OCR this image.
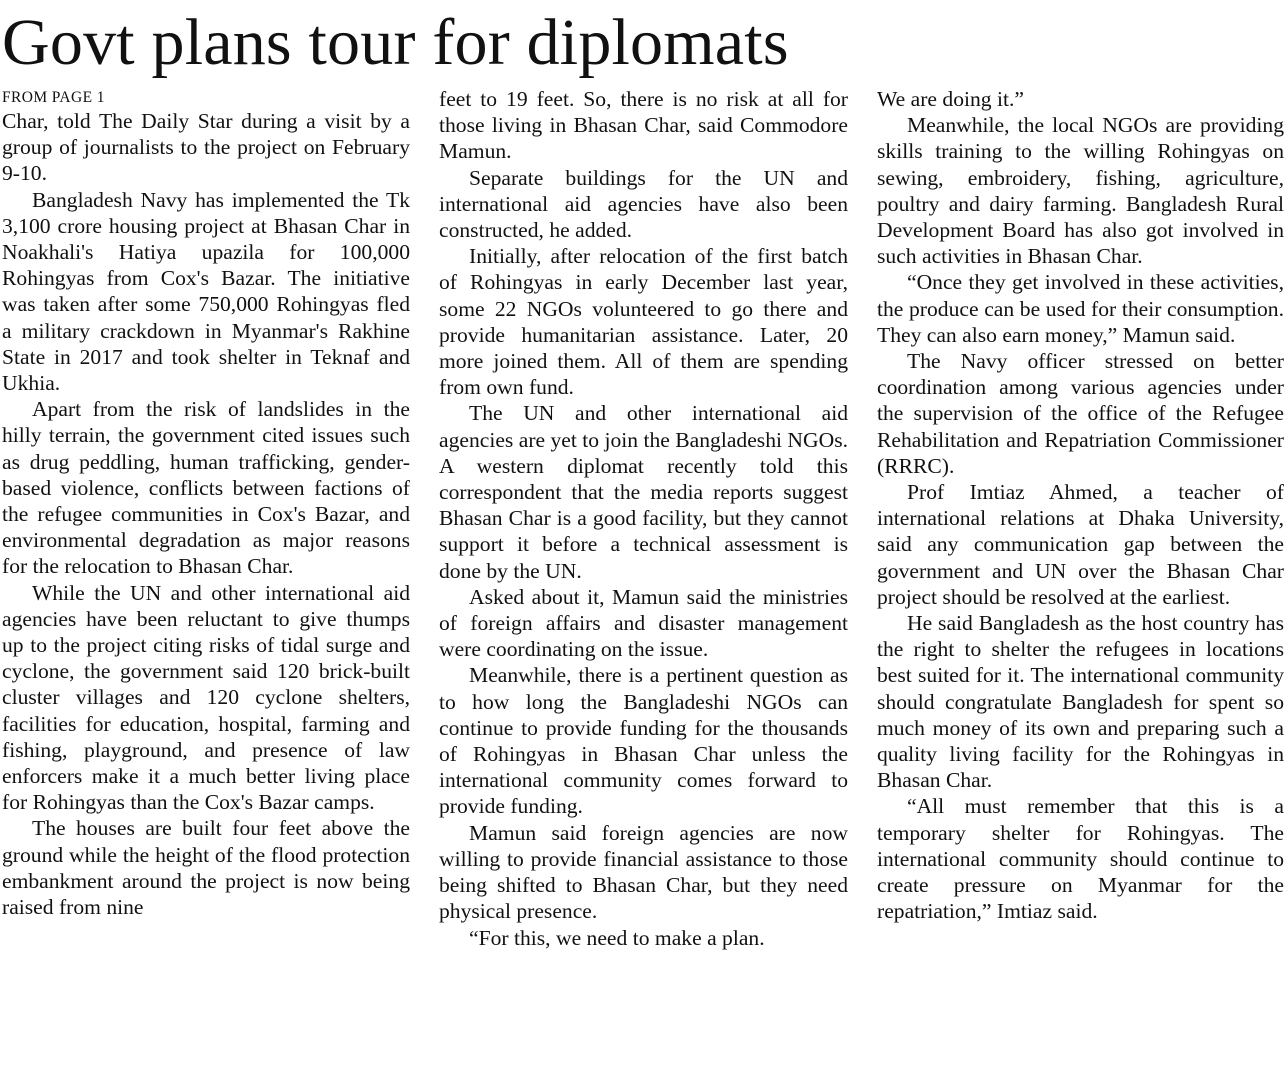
Govt plans tour for diplomats
FROM PAGE 1

Char, told The Daily Star during a visit by a group of journalists to the project on February 9-10.

Bangladesh Navy has implemented the Tk 3,100 crore housing project at Bhasan Char in Noakhali's Hatiya upazila for 100,000 Rohingyas from Cox's Bazar. The initiative was taken after some 750,000 Rohingyas fled a military crackdown in Myanmar's Rakhine State in 2017 and took shelter in Teknaf and Ukhia.

Apart from the risk of landslides in the hilly terrain, the government cited issues such as drug peddling, human trafficking, gender-based violence, conflicts between factions of the refugee communities in Cox's Bazar, and environmental degradation as major reasons for the relocation to Bhasan Char.

While the UN and other international aid agencies have been reluctant to give thumps up to the project citing risks of tidal surge and cyclone, the government said 120 brick-built cluster villages and 120 cyclone shelters, facilities for education, hospital, farming and fishing, playground, and presence of law enforcers make it a much better living place for Rohingyas than the Cox's Bazar camps.

The houses are built four feet above the ground while the height of the flood protection embankment around the project is now being raised from nine

feet to 19 feet. So, there is no risk at all for those living in Bhasan Char, said Commodore Mamun.

Separate buildings for the UN and international aid agencies have also been constructed, he added.

Initially, after relocation of the first batch of Rohingyas in early December last year, some 22 NGOs volunteered to go there and provide humanitarian assistance. Later, 20 more joined them. All of them are spending from own fund.

The UN and other international aid agencies are yet to join the Bangladeshi NGOs. A western diplomat recently told this correspondent that the media reports suggest Bhasan Char is a good facility, but they cannot support it before a technical assessment is done by the UN.

Asked about it, Mamun said the ministries of foreign affairs and disaster management were coordinating on the issue.

Meanwhile, there is a pertinent question as to how long the Bangladeshi NGOs can continue to provide funding for the thousands of Rohingyas in Bhasan Char unless the international community comes forward to provide funding.

Mamun said foreign agencies are now willing to provide financial assistance to those being shifted to Bhasan Char, but they need physical presence.

“For this, we need to make a plan.

We are doing it.”

Meanwhile, the local NGOs are providing skills training to the willing Rohingyas on sewing, embroidery, fishing, agriculture, poultry and dairy farming. Bangladesh Rural Development Board has also got involved in such activities in Bhasan Char.

“Once they get involved in these activities, the produce can be used for their consumption. They can also earn money,” Mamun said.

The Navy officer stressed on better coordination among various agencies under the supervision of the office of the Refugee Rehabilitation and Repatriation Commissioner (RRRC).

Prof Imtiaz Ahmed, a teacher of international relations at Dhaka University, said any communication gap between the government and UN over the Bhasan Char project should be resolved at the earliest.

He said Bangladesh as the host country has the right to shelter the refugees in locations best suited for it. The international community should congratulate Bangladesh for spent so much money of its own and preparing such a quality living facility for the Rohingyas in Bhasan Char.

“All must remember that this is a temporary shelter for Rohingyas. The international community should continue to create pressure on Myanmar for the repatriation,” Imtiaz said.
